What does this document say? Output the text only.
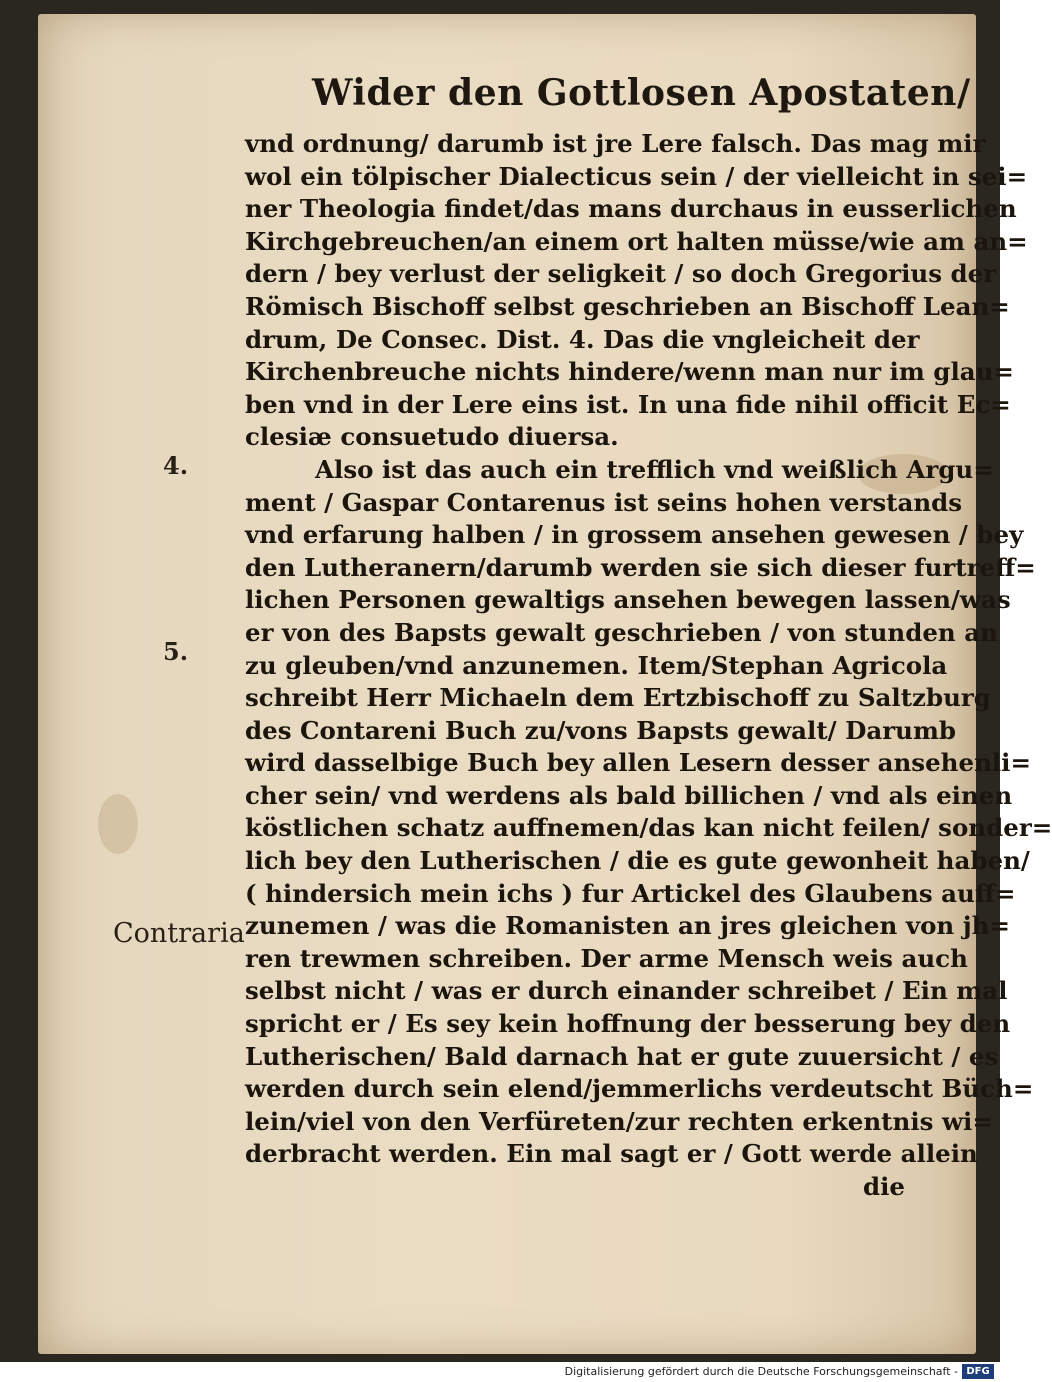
Wider den Gottlosen Apostaten/
4.
5.
Contraria
vnd ordnung/ darumb ist jre Lere falsch. Das mag mir
wol ein tölpischer Dialecticus sein / der vielleicht in sei=
ner Theologia findet/das mans durchaus in eusserlichen
Kirchgebreuchen/an einem ort halten müsse/wie am an=
dern / bey verlust der seligkeit / so doch Gregorius der
Römisch Bischoff selbst geschrieben an Bischoff Lean=
drum, De Consec. Dist. 4. Das die vngleicheit der
Kirchenbreuche nichts hindere/wenn man nur im glau=
ben vnd in der Lere eins ist. In una fide nihil officit Ec=
clesiæ consuetudo diuersa.
Also ist das auch ein trefflich vnd weißlich Argu=
ment / Gaspar Contarenus ist seins hohen verstands
vnd erfarung halben / in grossem ansehen gewesen / bey
den Lutheranern/darumb werden sie sich dieser furtreff=
lichen Personen gewaltigs ansehen bewegen lassen/was
er von des Bapsts gewalt geschrieben / von stunden an
zu gleuben/vnd anzunemen. Item/Stephan Agricola
schreibt Herr Michaeln dem Ertzbischoff zu Saltzburg
des Contareni Buch zu/vons Bapsts gewalt/ Darumb
wird dasselbige Buch bey allen Lesern desser ansehenli=
cher sein/ vnd werdens als bald billichen / vnd als einen
köstlichen schatz auffnemen/das kan nicht feilen/ sonder=
lich bey den Lutherischen / die es gute gewonheit haben/
( hindersich mein ichs ) fur Artickel des Glaubens auff=
zunemen / was die Romanisten an jres gleichen von jh=
ren trewmen schreiben. Der arme Mensch weis auch
selbst nicht / was er durch einander schreibet / Ein mal
spricht er / Es sey kein hoffnung der besserung bey den
Lutherischen/ Bald darnach hat er gute zuuersicht / es
werden durch sein elend/jemmerlichs verdeutscht Büch=
lein/viel von den Verfüreten/zur rechten erkentnis wi=
derbracht werden. Ein mal sagt er / Gott werde allein
die
Digitalisierung gefördert durch die Deutsche Forschungsgemeinschaft - DFG
